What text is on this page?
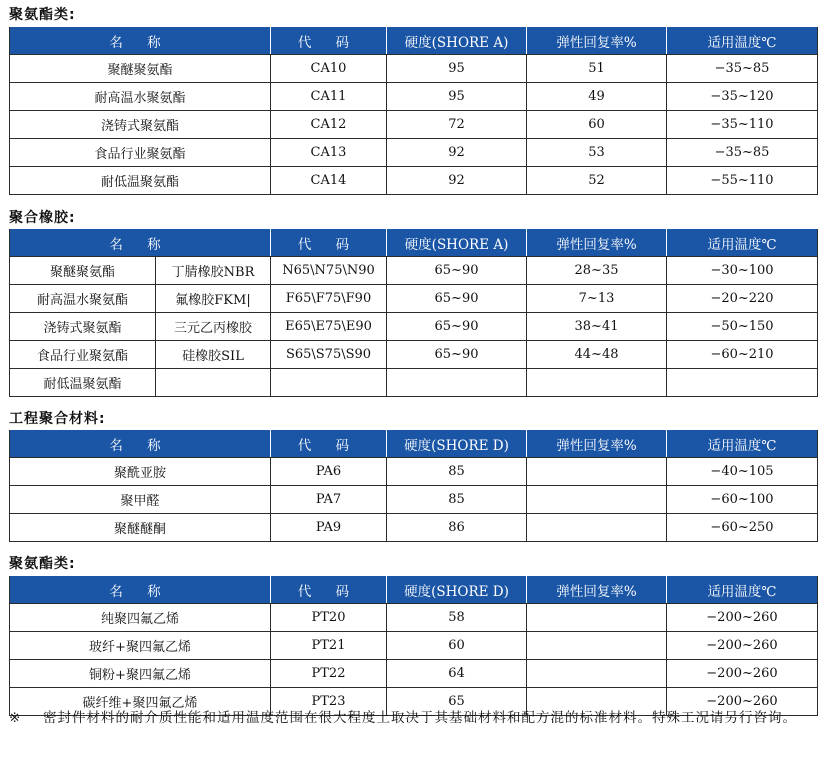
聚氨酯类:
名 称	代 码	硬度(SHORE A)	弹性回复率%	适用温度℃
聚醚聚氨酯	CA10	95	51	−35~85
耐高温水聚氨酯	CA11	95	49	−35~120
浇铸式聚氨酯	CA12	72	60	−35~110
食品行业聚氨酯	CA13	92	53	−35~85
耐低温聚氨酯	CA14	92	52	−55~110
聚合橡胶:
名 称		代 码	硬度(SHORE A)	弹性回复率%	适用温度℃
聚醚聚氨酯	丁腈橡胶NBR	N65\N75\N90	65~90	28~35	−30~100
耐高温水聚氨酯	氟橡胶FKM|	F65\F75\F90	65~90	7~13	−20~220
浇铸式聚氨酯	三元乙丙橡胶	E65\E75\E90	65~90	38~41	−50~150
食品行业聚氨酯	硅橡胶SIL	S65\S75\S90	65~90	44~48	−60~210
耐低温聚氨酯					
工程聚合材料:
名 称	代 码	硬度(SHORE D)	弹性回复率%	适用温度℃
聚酰亚胺	PA6	85		−40~105
聚甲醛	PA7	85		−60~100
聚醚醚酮	PA9	86		−60~250
聚氨酯类:
名 称	代 码	硬度(SHORE D)	弹性回复率%	适用温度℃
纯聚四氟乙烯	PT20	58		−200~260
玻纤+聚四氟乙烯	PT21	60		−200~260
铜粉+聚四氟乙烯	PT22	64		−200~260
碳纤维+聚四氟乙烯	PT23	65		−200~260
※ 密封件材料的耐介质性能和适用温度范围在很大程度上取决于其基础材料和配方混的标准材料。特殊工况请另行咨询。
